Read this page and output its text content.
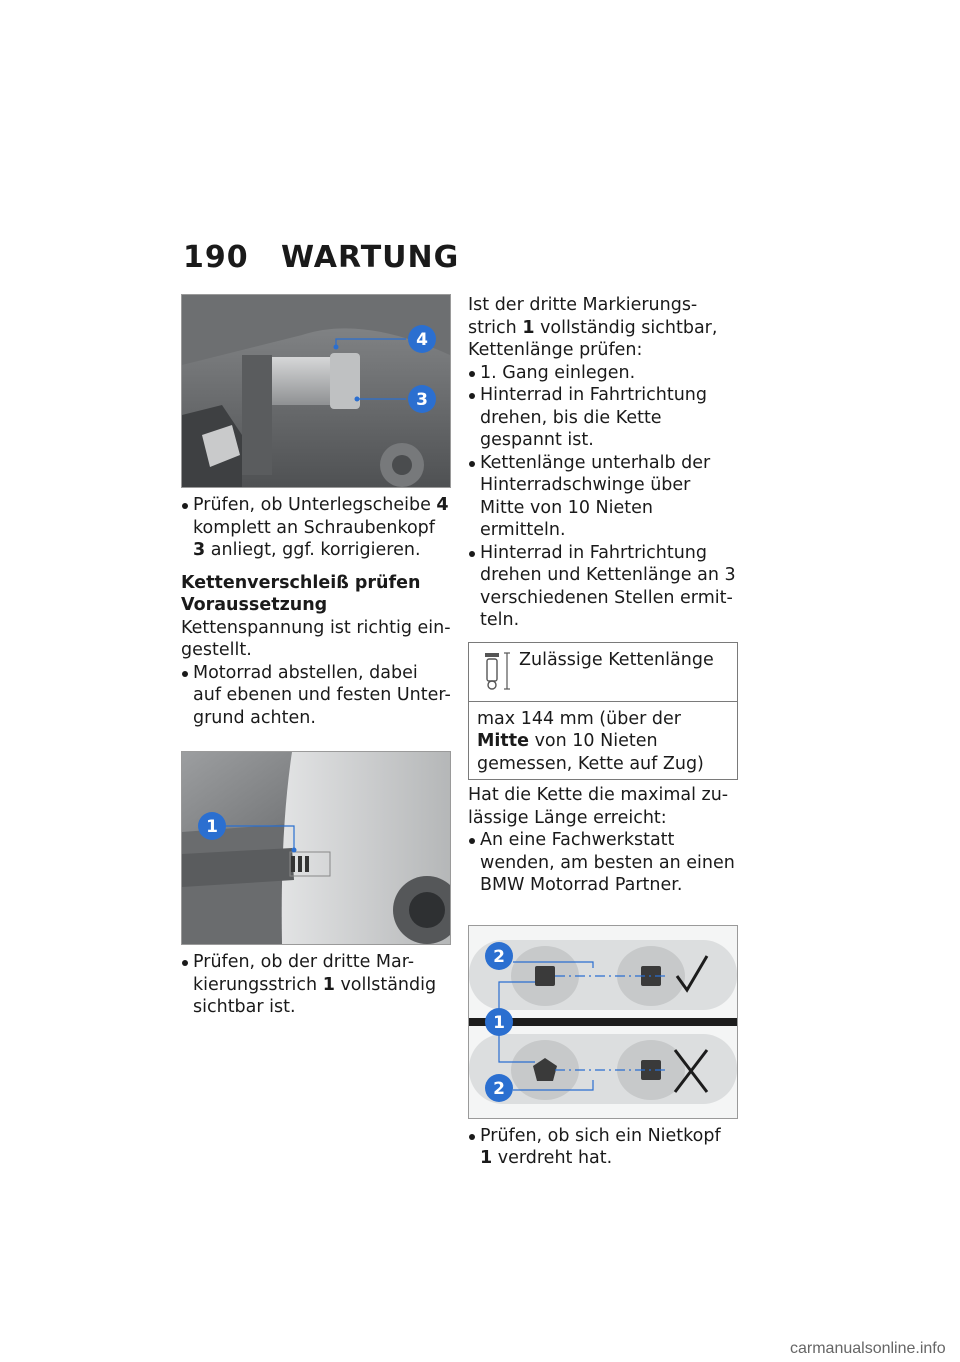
190 WARTUNG
4
3
Prüfen, ob Unterlegscheibe 4 komplett an Schraubenkopf 3 anliegt, ggf. korrigieren.

Kettenverschleiß prüfen

Voraussetzung

Kettenspannung ist richtig ein-gestellt.

Motorrad abstellen, dabei auf ebenen und festen Unter-grund achten.
1
Prüfen, ob der dritte Mar-kierungsstrich 1 vollständig sichtbar ist.

Ist der dritte Markierungs-strich 1 vollständig sichtbar, Kettenlänge prüfen:

1. Gang einlegen.
Hinterrad in Fahrtrichtung drehen, bis die Kette gespannt ist.
Kettenlänge unterhalb der Hinterradschwinge über Mitte von 10 Nieten ermitteln.
Hinterrad in Fahrtrichtung drehen und Kettenlänge an 3 verschiedenen Stellen ermit-teln.
Zulässige Kettenlänge
max 144 mm (über der Mitte von 10 Nieten gemessen, Kette auf Zug)

Hat die Kette die maximal zu-lässige Länge erreicht:

An eine Fachwerkstatt wenden, am besten an einen BMW Motorrad Partner.
2
1
2
Prüfen, ob sich ein Nietkopf 1 verdreht hat.
carmanualsonline.info
